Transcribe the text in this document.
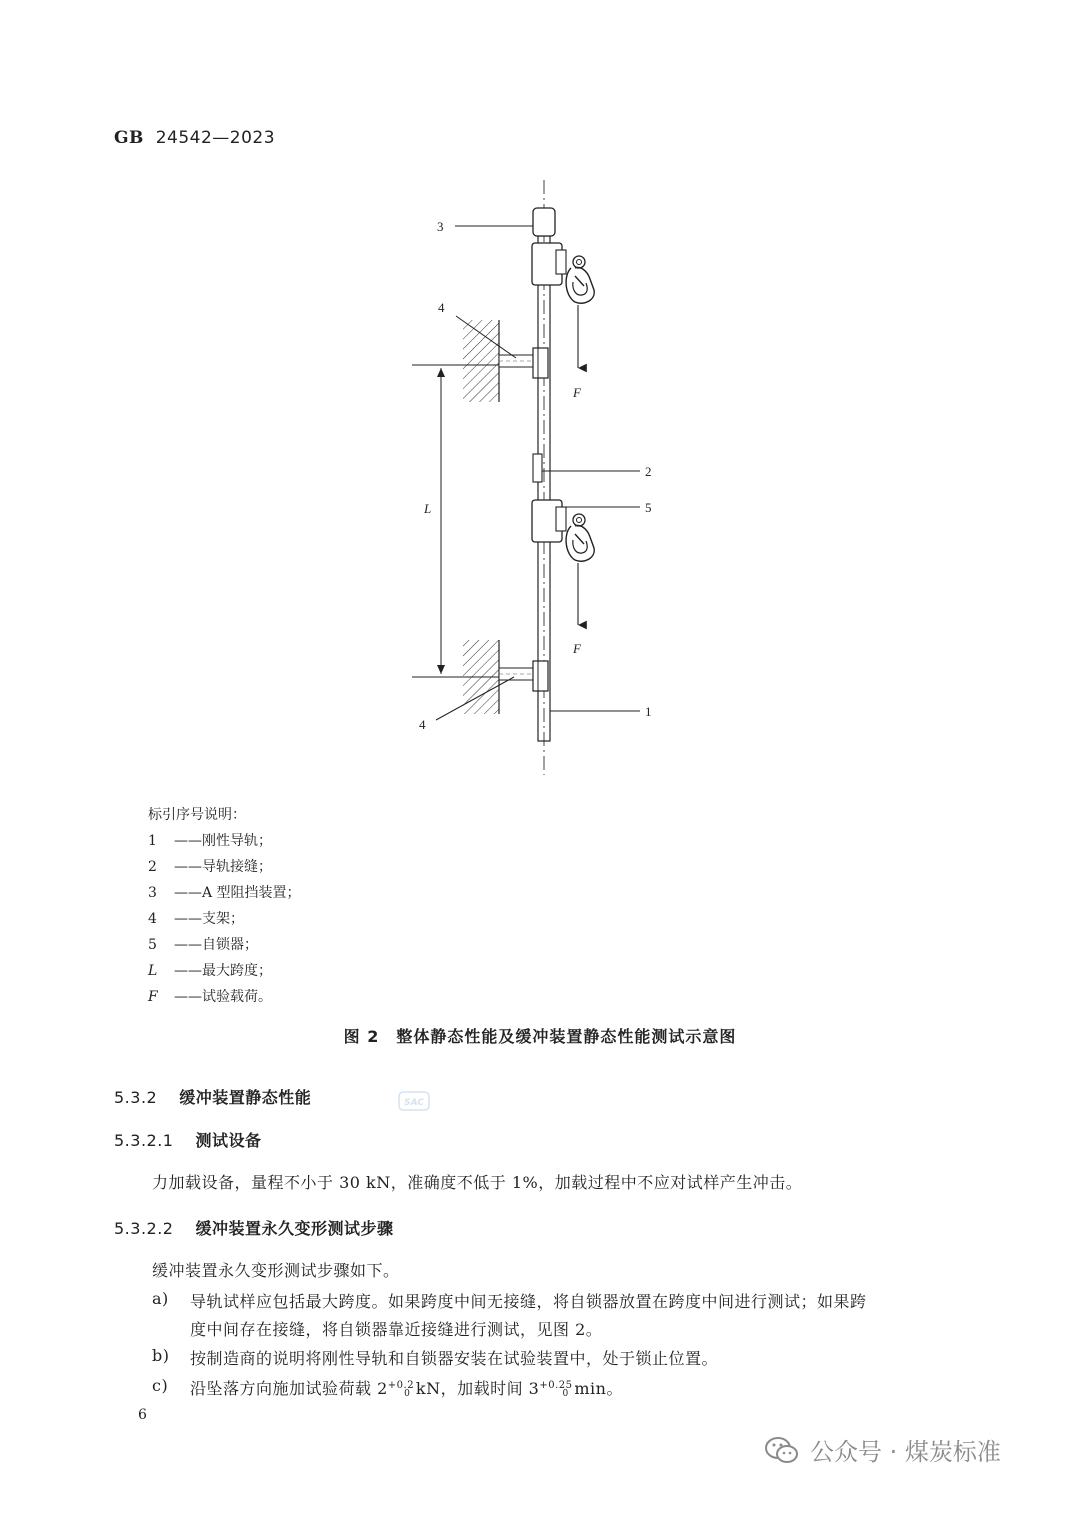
GB 24542—2023
3
4
2
5
1
4
F
F
L
标引序号说明：
1 ——刚性导轨；
2 ——导轨接缝；
3 ——A 型阻挡装置；
4 ——支架；
5 ——自锁器；
L ——最大跨度；
F ——试验载荷。
图 2　整体静态性能及缓冲装置静态性能测试示意图
5.3.2 缓冲装置静态性能	SAC
5.3.2.1 测试设备
力加载设备，量程不小于 30 kN，准确度不低于 1%，加载过程中不应对试样产生冲击。
5.3.2.2 缓冲装置永久变形测试步骤
缓冲装置永久变形测试步骤如下。
a) 导轨试样应包括最大跨度。如果跨度中间无接缝，将自锁器放置在跨度中间进行测试；如果跨
度中间存在接缝，将自锁器靠近接缝进行测试，见图 2。
b) 按制造商的说明将刚性导轨和自锁器安装在试验装置中，处于锁止位置。
c) 沿坠落方向施加试验荷载 $2^{+0.2}_0$ kN，加载时间 $3^{+0.25}_0$ min。
6
公众号 · 煤炭标准
